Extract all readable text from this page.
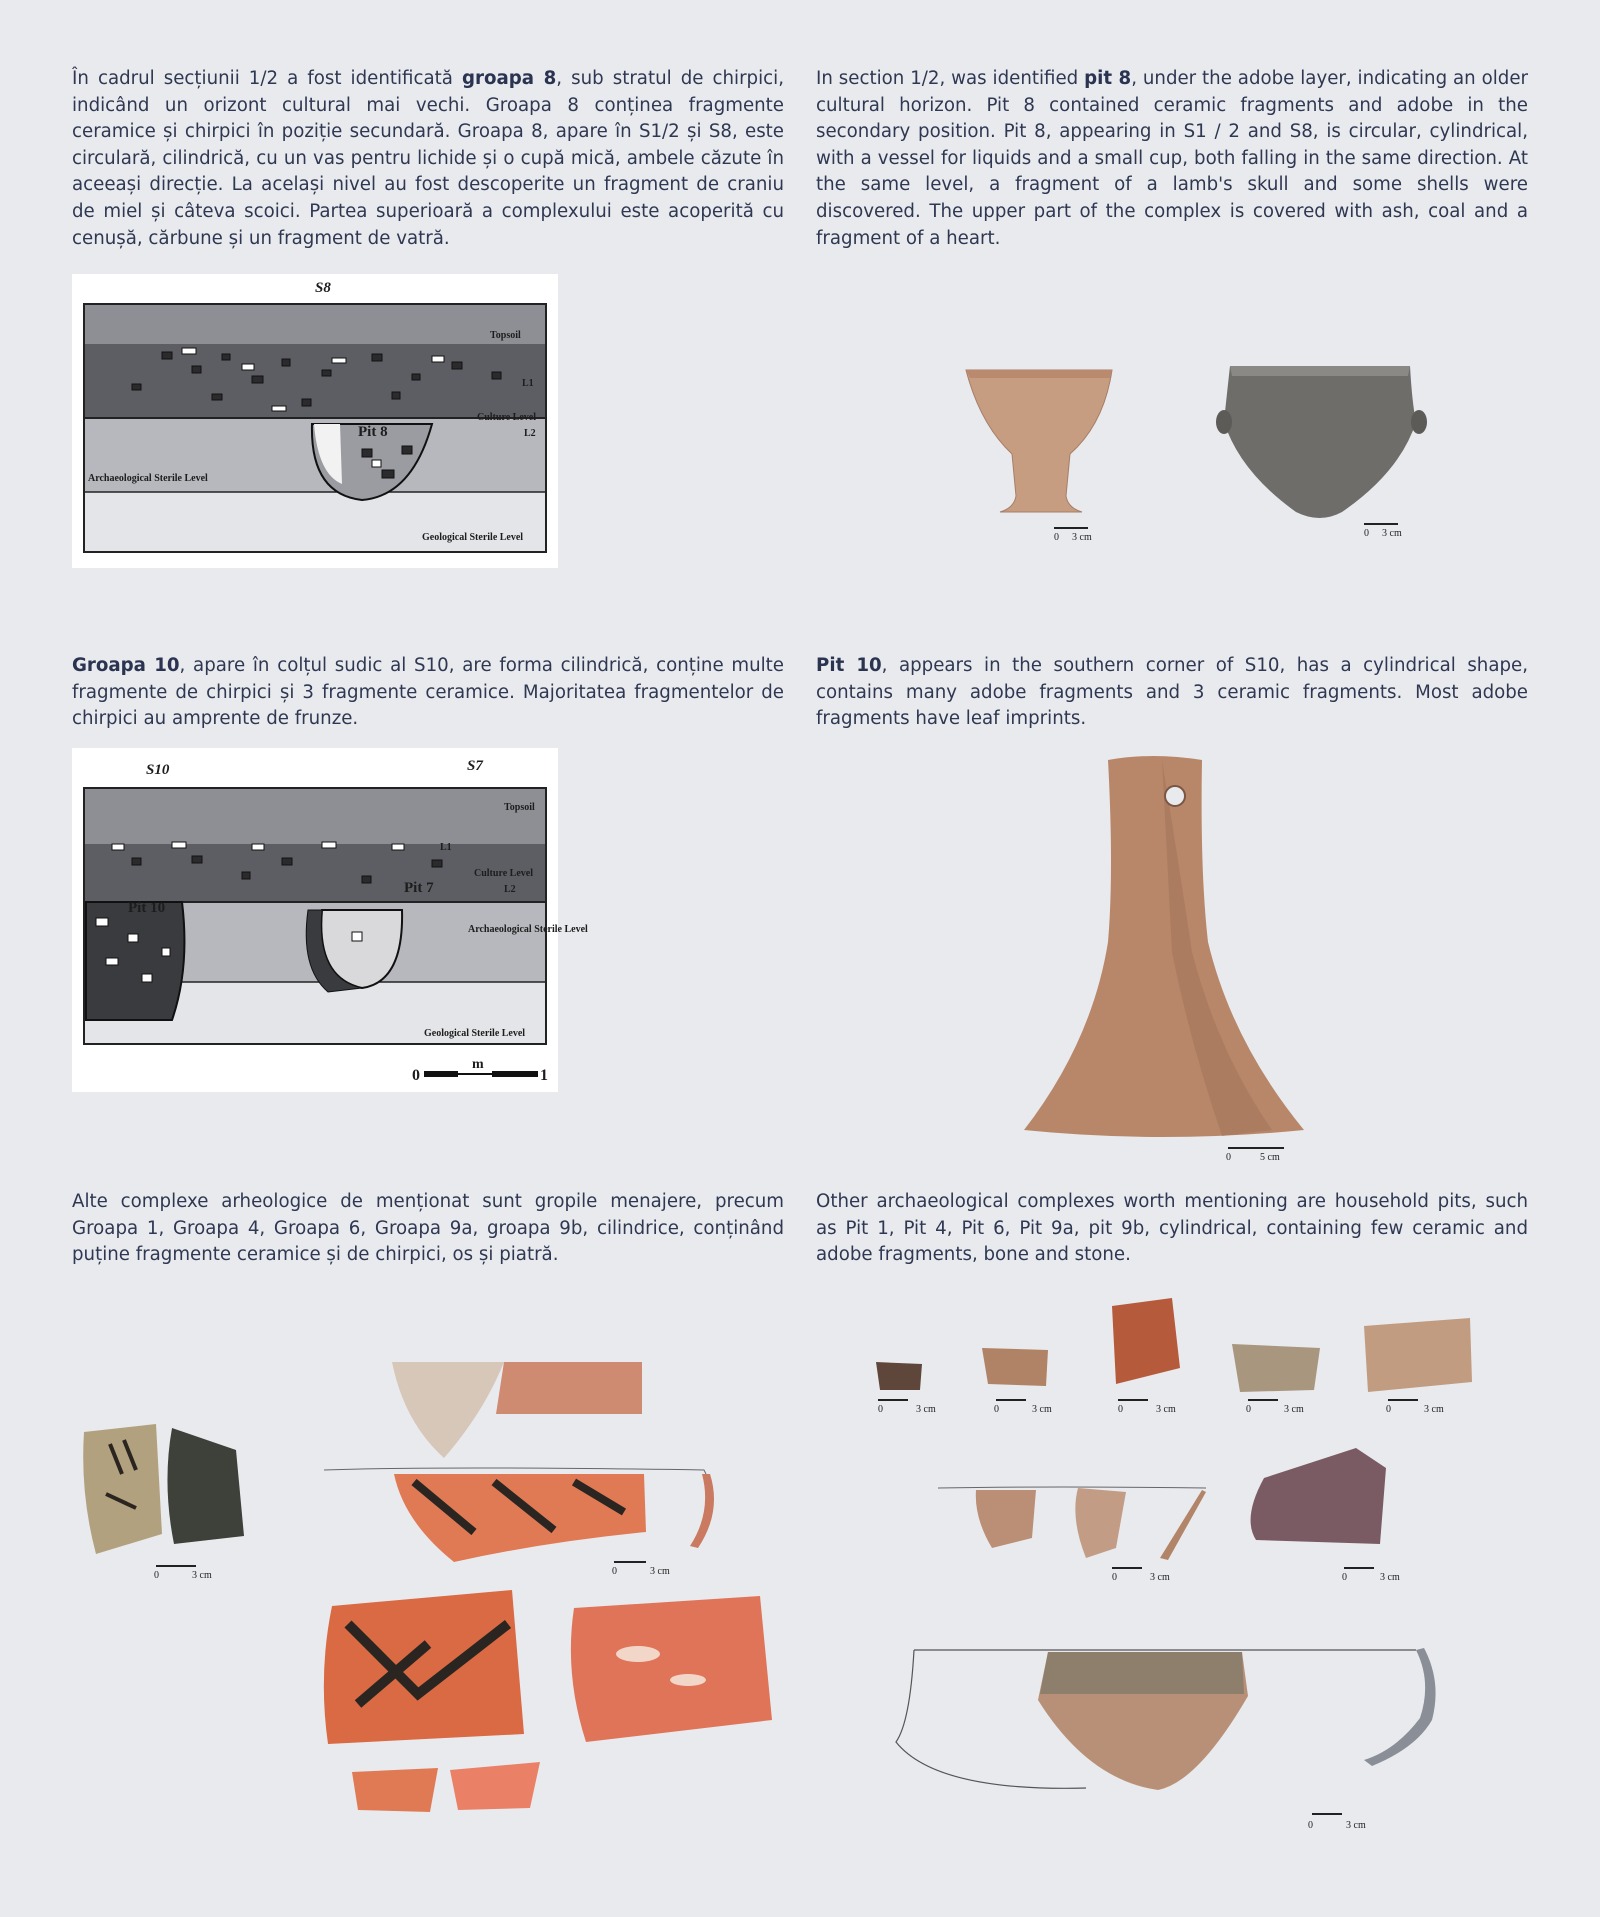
În cadrul secțiunii 1/2 a fost identificată groapa 8, sub stratul de chirpici, indicând un orizont cultural mai vechi. Groapa 8 conținea fragmente ceramice și chirpici în poziție secundară. Groapa 8, apare în S1/2 și S8, este circulară, cilindrică, cu un vas pentru lichide și o cupă mică, ambele căzute în aceeași direcție. La același nivel au fost descoperite un fragment de craniu de miel și câteva scoici. Partea superioară a complexului este acoperită cu cenușă, cărbune și un fragment de vatră.

In section 1/2, was identified pit 8, under the adobe layer, indicating an older cultural horizon. Pit 8 contained ceramic fragments and adobe in the secondary position. Pit 8, appearing in S1 / 2 and S8, is circular, cylindrical, with a vessel for liquids and a small cup, both falling in the same direction. At the same level, a fragment of a lamb's skull and some shells were discovered. The upper part of the complex is covered with ash, coal and a fragment of a heart.

S8
Topsoil
L1
Culture Level
L2
Pit 8
Archaeological Sterile Level
Geological Sterile Level	0 3 cm	0 3 cm

Groapa 10, apare în colțul sudic al S10, are forma cilindrică, conține multe fragmente de chirpici și 3 fragmente ceramice. Majoritatea fragmentelor de chirpici au amprente de frunze.

Pit 10, appears in the southern corner of S10, has a cylindrical shape, contains many adobe fragments and 3 ceramic fragments. Most adobe fragments have leaf imprints.

S10	S7
Topsoil
L1
Culture Level
L2
Pit 7
Pit 10
Archaeological Sterile Level
Geological Sterile Level
0
m
1
0	5 cm

Alte complexe arheologice de menționat sunt gropile menajere, precum Groapa 1, Groapa 4, Groapa 6, Groapa 9a, groapa 9b, cilindrice, conținând puține fragmente ceramice și de chirpici, os și piatră.

Other archaeological complexes worth mentioning are household pits, such as Pit 1, Pit 4, Pit 6, Pit 9a, pit 9b, cylindrical, containing few ceramic and adobe fragments, bone and stone.

0	3 cm	0	3 cm
0	3 cm	0	3 cm	0	3 cm	0	3 cm	0	3 cm
0	3 cm	0	3 cm
0	3 cm
